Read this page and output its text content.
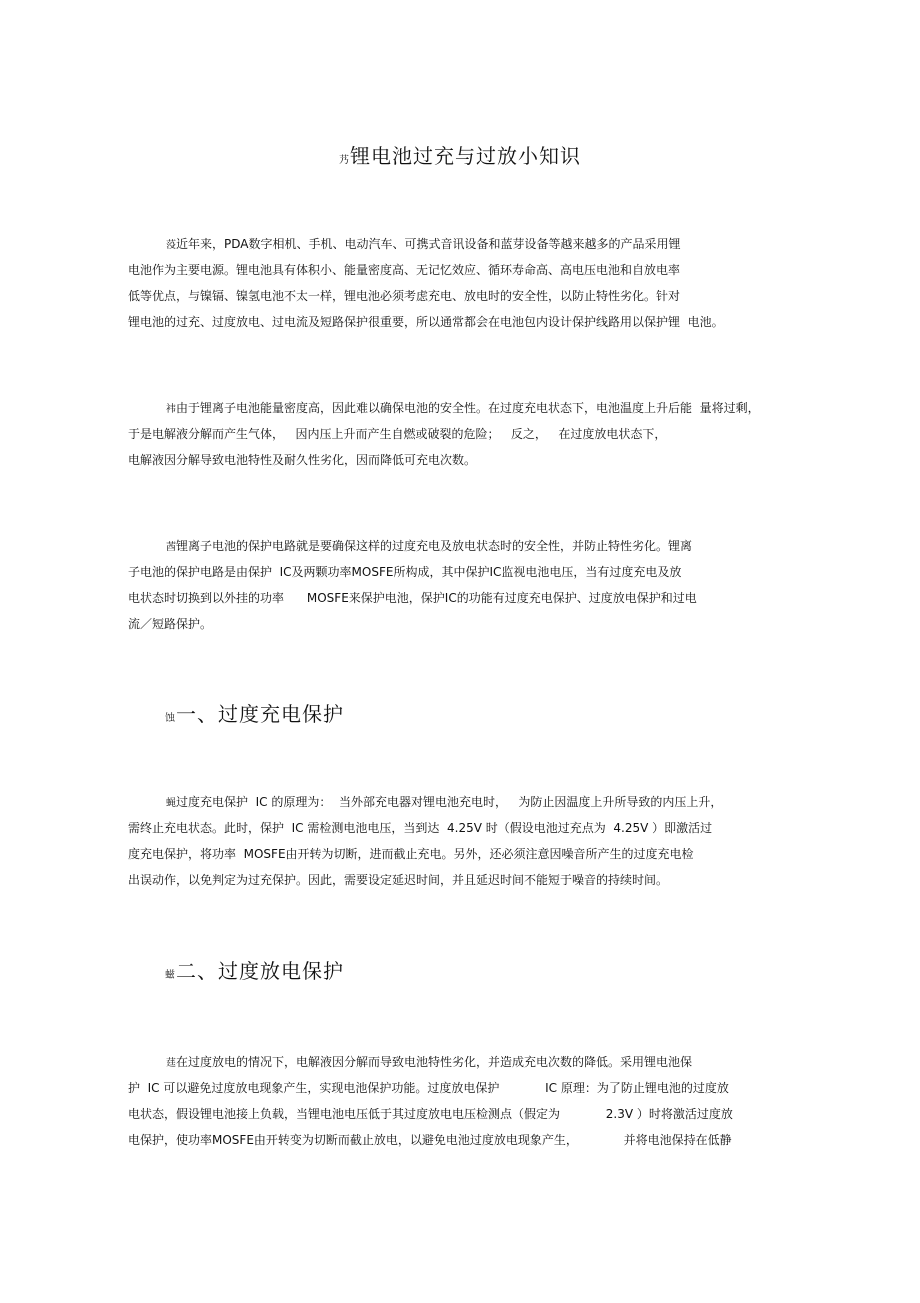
艿锂电池过充与过放小知识
莈近年来，PDA数字相机、手机、电动汽车、可携式音讯设备和蓝芽设备等越来越多的产品采用锂
电池作为主要电源。锂电池具有体积小、能量密度高、无记忆效应、循环寿命高、高电压电池和自放电率
低等优点，与镍镉、镍氢电池不太一样，锂电池必须考虑充电、放电时的安全性，以防止特性劣化。针对
锂电池的过充、过度放电、过电流及短路保护很重要，所以通常都会在电池包内设计保护线路用以保护锂  电池。
袆由于锂离子电池能量密度高，因此难以确保电池的安全性。在过度充电状态下，电池温度上升后能  量将过剩，
于是电解液分解而产生气体，   因内压上升而产生自燃或破裂的危险；   反之，   在过度放电状态下，
电解液因分解导致电池特性及耐久性劣化，因而降低可充电次数。
莤锂离子电池的保护电路就是要确保这样的过度充电及放电状态时的安全性，并防止特性劣化。锂离
子电池的保护电路是由保护  IC及两颗功率MOSFE所构成，其中保护IC监视电池电压，当有过度充电及放
电状态时切换到以外挂的功率      MOSFE来保护电池，保护IC的功能有过度充电保护、过度放电保护和过电
流／短路保护。
蚀一、过度充电保护
蝇过度充电保护  IC 的原理为：  当外部充电器对锂电池充电时，   为防止因温度上升所导致的内压上升，
需终止充电状态。此时，保护  IC 需检测电池电压，当到达  4.25V 时（假设电池过充点为  4.25V ）即激活过
度充电保护，将功率  MOSFE由开转为切断，进而截止充电。另外，还必须注意因噪音所产生的过度充电检
出误动作，以免判定为过充保护。因此，需要设定延迟时间，并且延迟时间不能短于噪音的持续时间。
螆二、过度放电保护
莛在过度放电的情况下，电解液因分解而导致电池特性劣化，并造成充电次数的降低。采用锂电池保
护  IC 可以避免过度放电现象产生，实现电池保护功能。过度放电保护            IC 原理：为了防止锂电池的过度放
电状态，假设锂电池接上负载，当锂电池电压低于其过度放电电压检测点（假定为            2.3V ）时将激活过度放
电保护，使功率MOSFE由开转变为切断而截止放电，以避免电池过度放电现象产生，            并将电池保持在低静
